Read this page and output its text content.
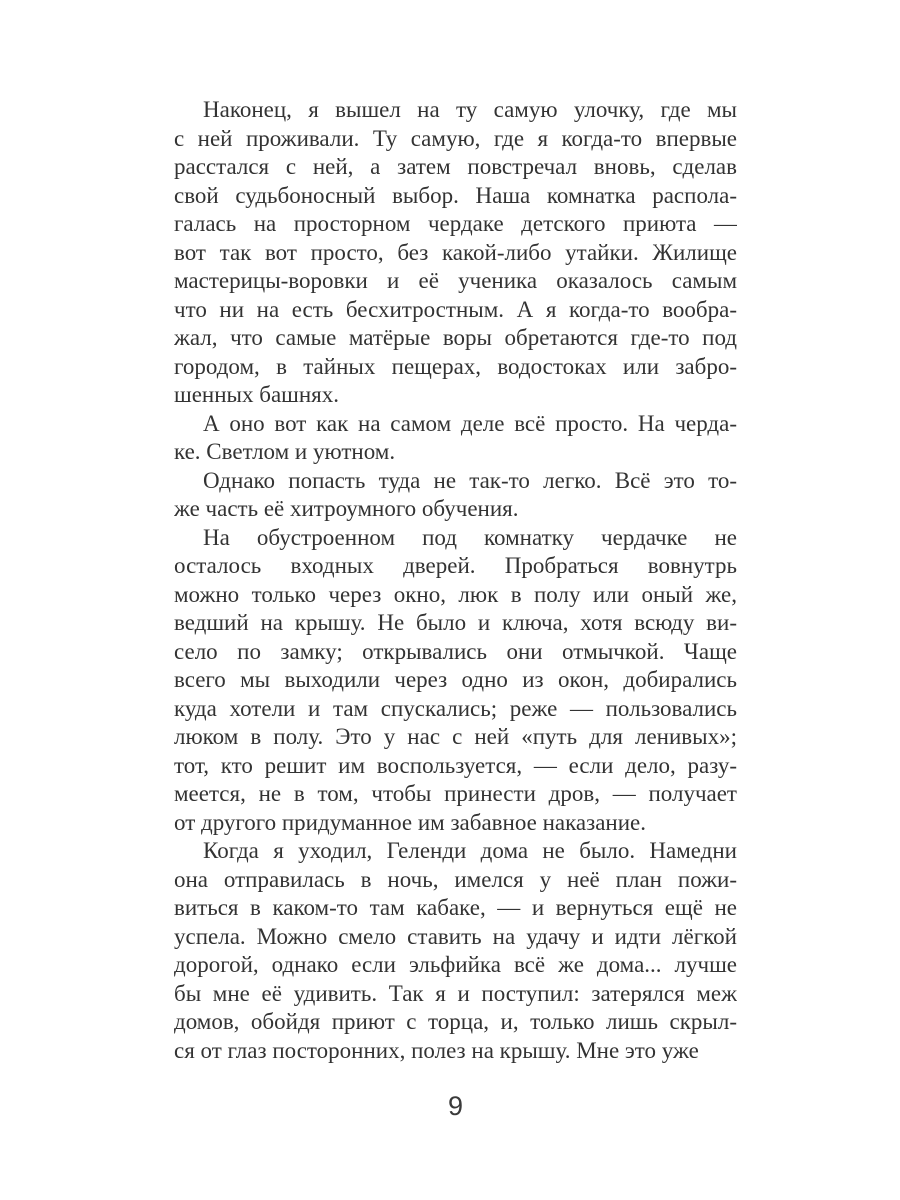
Наконец, я вышел на ту самую улочку, где мы
с ней проживали. Ту самую, где я когда-то впервые
расстался с ней, а затем повстречал вновь, сделав
свой судьбоносный выбор. Наша комнатка распола-
галась на просторном чердаке детского приюта —
вот так вот просто, без какой-либо утайки. Жилище
мастерицы-воровки и её ученика оказалось самым
что ни на есть бесхитростным. А я когда-то вообра-
жал, что самые матёрые воры обретаются где-то под
городом, в тайных пещерах, водостоках или забро-
шенных башнях.
А оно вот как на самом деле всё просто. На черда-
ке. Светлом и уютном.
Однако попасть туда не так-то легко. Всё это то-
же часть её хитроумного обучения.
На обустроенном под комнатку чердачке не
осталось входных дверей. Пробраться вовнутрь
можно только через окно, люк в полу или оный же,
ведший на крышу. Не было и ключа, хотя всюду ви-
село по замку; открывались они отмычкой. Чаще
всего мы выходили через одно из окон, добирались
куда хотели и там спускались; реже — пользовались
люком в полу. Это у нас с ней «путь для ленивых»;
тот, кто решит им воспользуется, — если дело, разу-
меется, не в том, чтобы принести дров, — получает
от другого придуманное им забавное наказание.
Когда я уходил, Геленди дома не было. Намедни
она отправилась в ночь, имелся у неё план пожи-
виться в каком-то там кабаке, — и вернуться ещё не
успела. Можно смело ставить на удачу и идти лёгкой
дорогой, однако если эльфийка всё же дома... лучше
бы мне её удивить. Так я и поступил: затерялся меж
домов, обойдя приют с торца, и, только лишь скрыл-
ся от глаз посторонних, полез на крышу. Мне это уже
9
